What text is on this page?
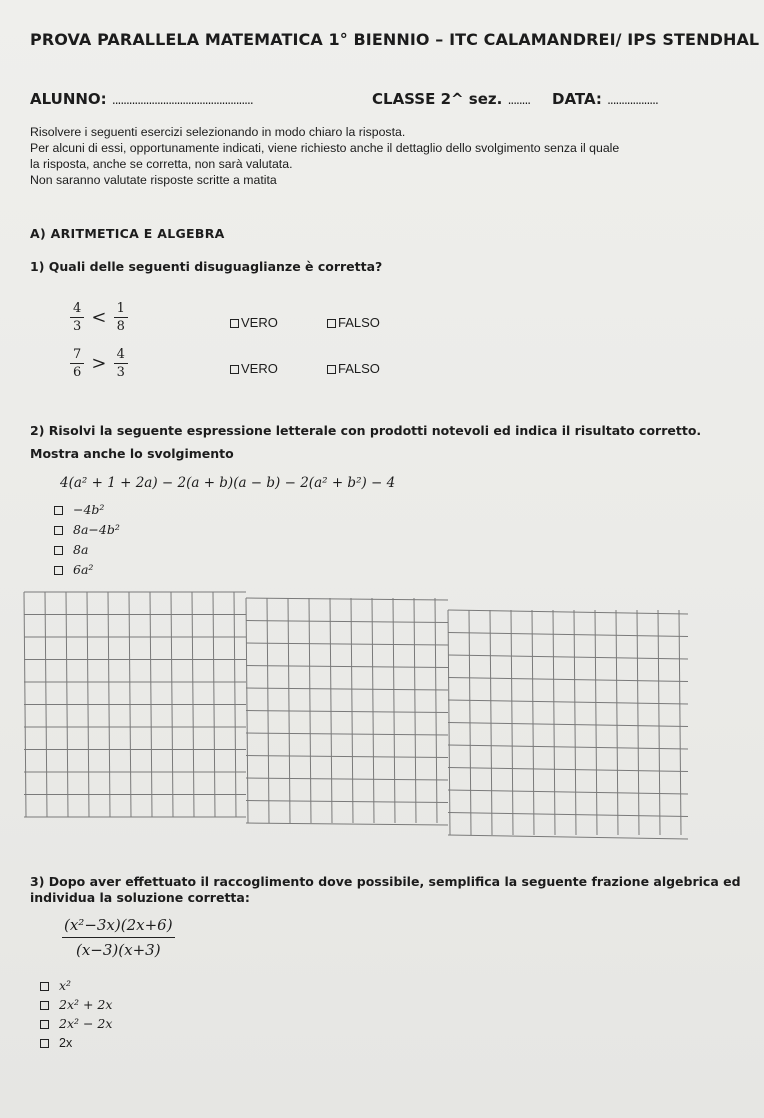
PROVA PARALLELA MATEMATICA 1° BIENNIO – ITC CALAMANDREI/ IPS STENDHAL
ALUNNO: ..................................................	CLASSE 2^ sez. ........ DATA: ..................
Risolvere i seguenti esercizi selezionando in modo chiaro la risposta.
Per alcuni di essi, opportunamente indicati, viene richiesto anche il dettaglio dello svolgimento senza il quale
la risposta, anche se corretta, non sarà valutata.
Non saranno valutate risposte scritte a matita
A) ARITMETICA E ALGEBRA
1) Quali delle seguenti disuguaglianze è corretta?
$\frac{4}{3} < \frac{1}{8}$	VERO	FALSO
$\frac{7}{6} > \frac{4}{3}$	VERO	FALSO
2) Risolvi la seguente espressione letterale con prodotti notevoli ed indica il risultato corretto.
Mostra anche lo svolgimento
4(a² + 1 + 2a) − 2(a + b)(a − b) − 2(a² + b²) − 4
−4b²
8a−4b²
8a
6a²
3) Dopo aver effettuato il raccoglimento dove possibile, semplifica la seguente frazione algebrica ed
individua la soluzione corretta:
$\frac{\text{(x²−3x)(2x+6)}}{(x-3)(x+3)}$
x²
2x² + 2x
2x² − 2x
2x
